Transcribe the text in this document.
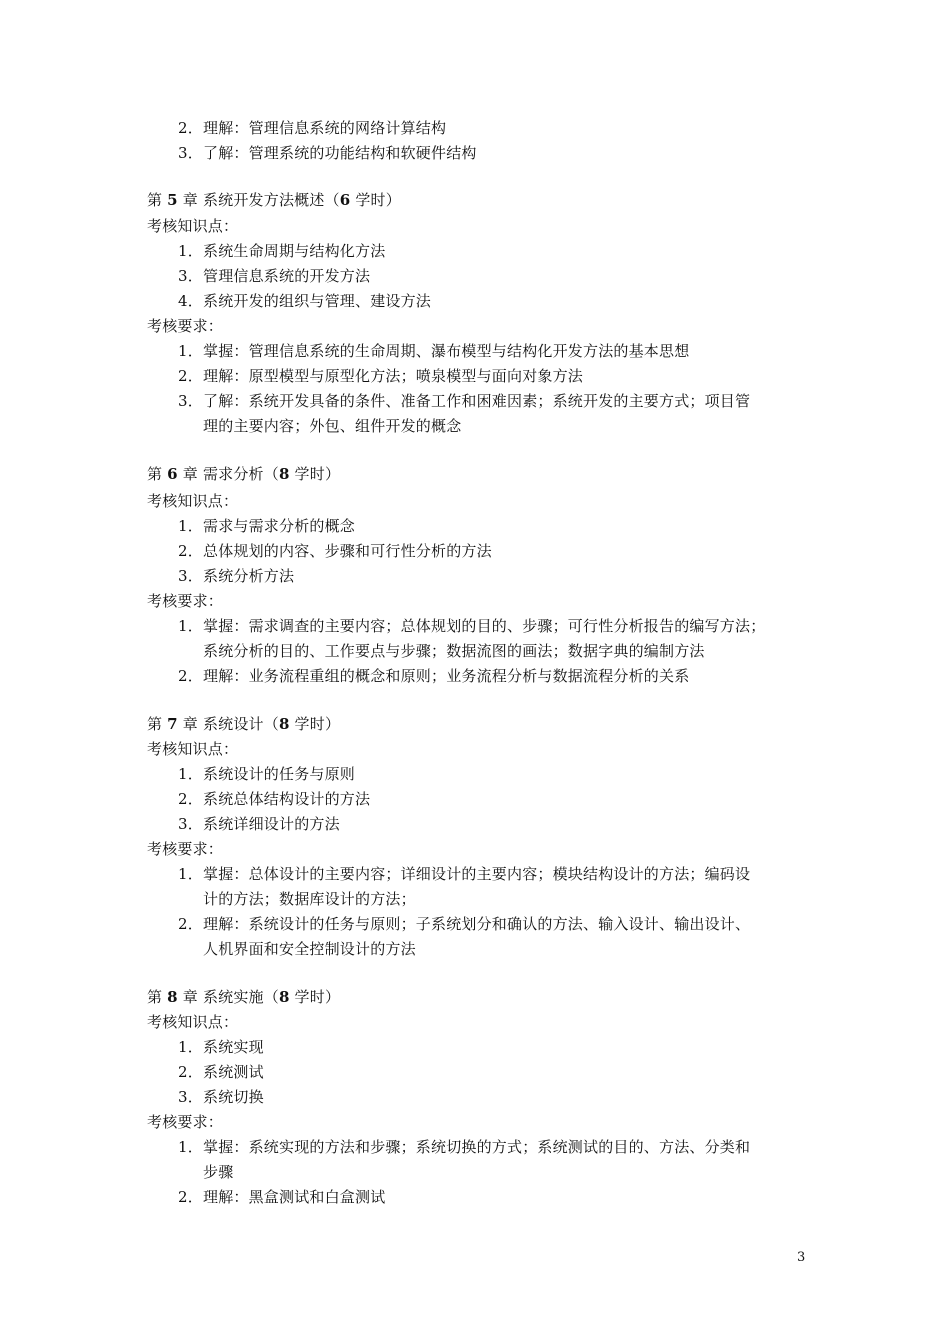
2．理解：管理信息系统的网络计算结构
3．了解：管理系统的功能结构和软硬件结构
第 5 章 系统开发方法概述（6 学时）
考核知识点：
1．系统生命周期与结构化方法
3．管理信息系统的开发方法
4．系统开发的组织与管理、建设方法
考核要求：
1．掌握：管理信息系统的生命周期、瀑布模型与结构化开发方法的基本思想
2．理解：原型模型与原型化方法；喷泉模型与面向对象方法
3．了解：系统开发具备的条件、准备工作和困难因素；系统开发的主要方式；项目管
理的主要内容；外包、组件开发的概念
第 6 章 需求分析（8 学时）
考核知识点：
1．需求与需求分析的概念
2．总体规划的内容、步骤和可行性分析的方法
3．系统分析方法
考核要求：
1．掌握：需求调查的主要内容；总体规划的目的、步骤；可行性分析报告的编写方法；
系统分析的目的、工作要点与步骤；数据流图的画法；数据字典的编制方法
2．理解：业务流程重组的概念和原则；业务流程分析与数据流程分析的关系
第 7 章 系统设计（8 学时）
考核知识点：
1．系统设计的任务与原则
2．系统总体结构设计的方法
3．系统详细设计的方法
考核要求：
1．掌握：总体设计的主要内容；详细设计的主要内容；模块结构设计的方法；编码设
计的方法；数据库设计的方法；
2．理解：系统设计的任务与原则；子系统划分和确认的方法、输入设计、输出设计、
人机界面和安全控制设计的方法
第 8 章 系统实施（8 学时）
考核知识点：
1．系统实现
2．系统测试
3．系统切换
考核要求：
1．掌握：系统实现的方法和步骤；系统切换的方式；系统测试的目的、方法、分类和
步骤
2．理解：黑盒测试和白盒测试
3
